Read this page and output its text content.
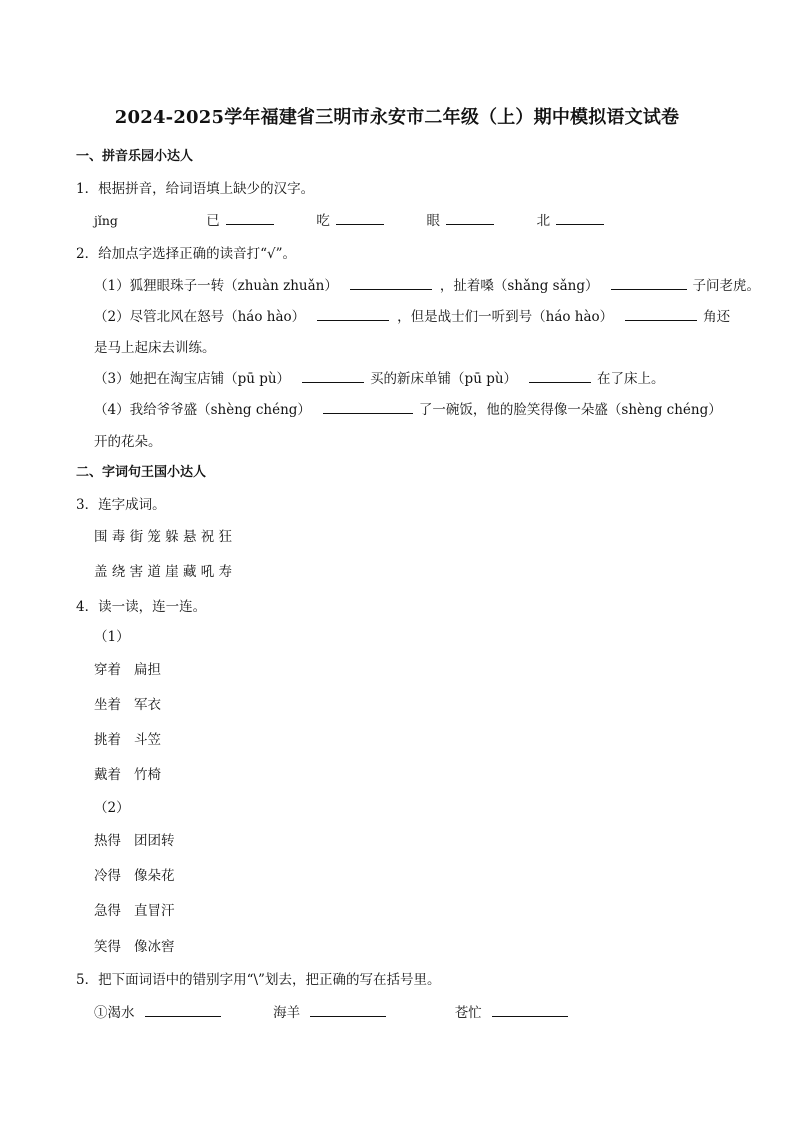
2024-2025学年福建省三明市永安市二年级（上）期中模拟语文试卷
一、拼音乐园小达人
1．根据拼音，给词语填上缺少的汉字。
jǐng	已	吃	眼	北
2．给加点字选择正确的读音打“√”。
（1）狐狸眼珠子一转（zhuàn zhuǎn）	，扯着嗓（shǎng sǎng）	子问老虎。
（2）尽管北风在怒号（háo hào）	，但是战士们一听到号（háo hào）	角还
是马上起床去训练。
（3）她把在淘宝店铺（pū pù）	买的新床单铺（pū pù）	在了床上。
（4）我给爷爷盛（shèng chéng）	了一碗饭，他的脸笑得像一朵盛（shèng chéng）
开的花朵。
二、字词句王国小达人
3．连字成词。
围 毒 街 笼 躲 悬 祝 狂
盖 绕 害 道 崖 藏 吼 寿
4．读一读，连一连。
（1）
穿着 扁担
坐着 军衣
挑着 斗笠
戴着 竹椅
（2）
热得 团团转
冷得 像朵花
急得 直冒汗
笑得 像冰窖
5．把下面词语中的错别字用“\”划去，把正确的写在括号里。
①渴水	海羊	苍忙
